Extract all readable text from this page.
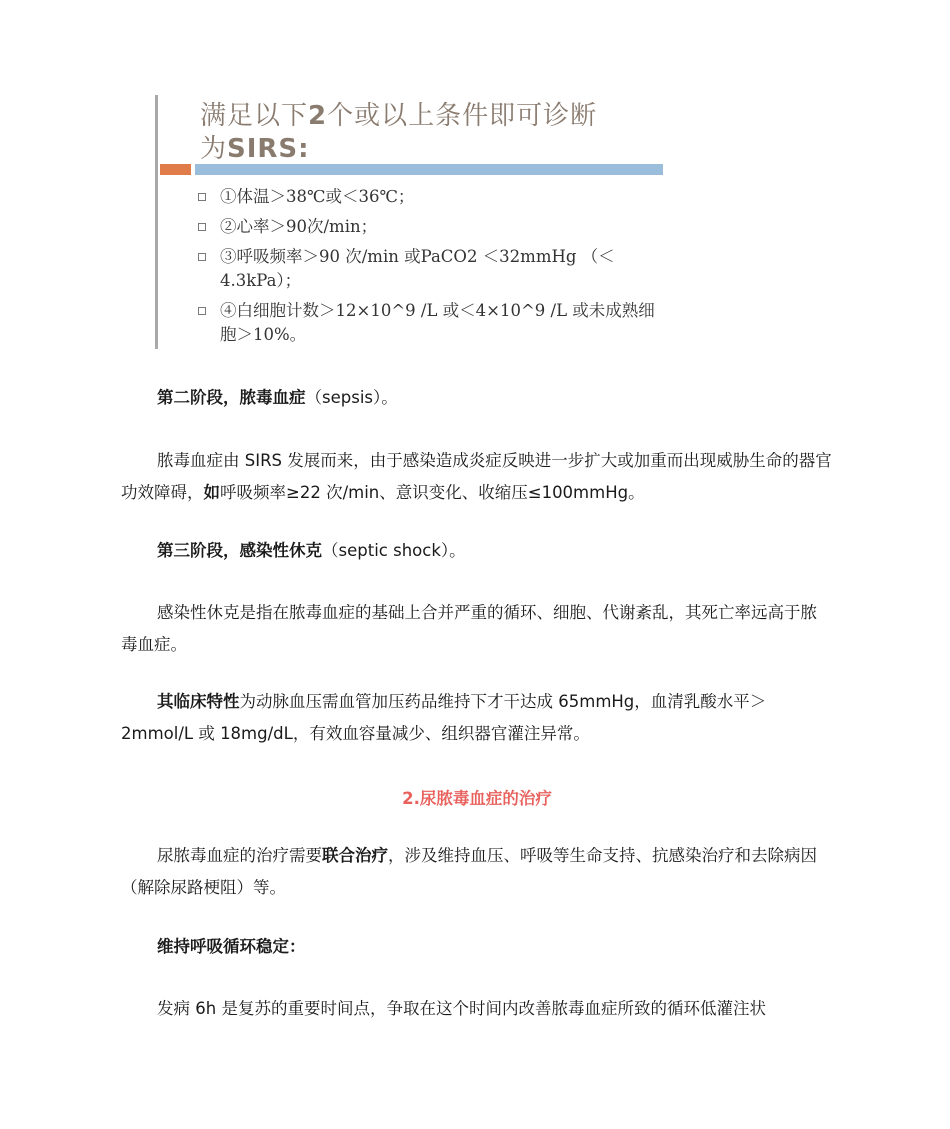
满足以下2个或以上条件即可诊断
为SIRS:
①体温＞38℃或＜36℃；
②心率＞90次/min；
③呼吸频率＞90 次/min 或PaCO2 ＜32mmHg （＜4.3kPa）；
④白细胞计数＞12×10^9 /L 或＜4×10^9 /L 或未成熟细胞＞10%。
第二阶段，脓毒血症（sepsis）。
脓毒血症由 SIRS 发展而来，由于感染造成炎症反映进一步扩大或加重而出现威胁生命的器官功效障碍，如呼吸频率≥22 次/min、意识变化、收缩压≤100mmHg。
第三阶段，感染性休克（septic shock）。
感染性休克是指在脓毒血症的基础上合并严重的循环、细胞、代谢紊乱，其死亡率远高于脓毒血症。
其临床特性为动脉血压需血管加压药品维持下才干达成 65mmHg，血清乳酸水平＞2mmol/L 或 18mg/dL，有效血容量减少、组织器官灌注异常。
2.尿脓毒血症的治疗
尿脓毒血症的治疗需要联合治疗，涉及维持血压、呼吸等生命支持、抗感染治疗和去除病因（解除尿路梗阻）等。
维持呼吸循环稳定：
发病 6h 是复苏的重要时间点，争取在这个时间内改善脓毒血症所致的循环低灌注状
